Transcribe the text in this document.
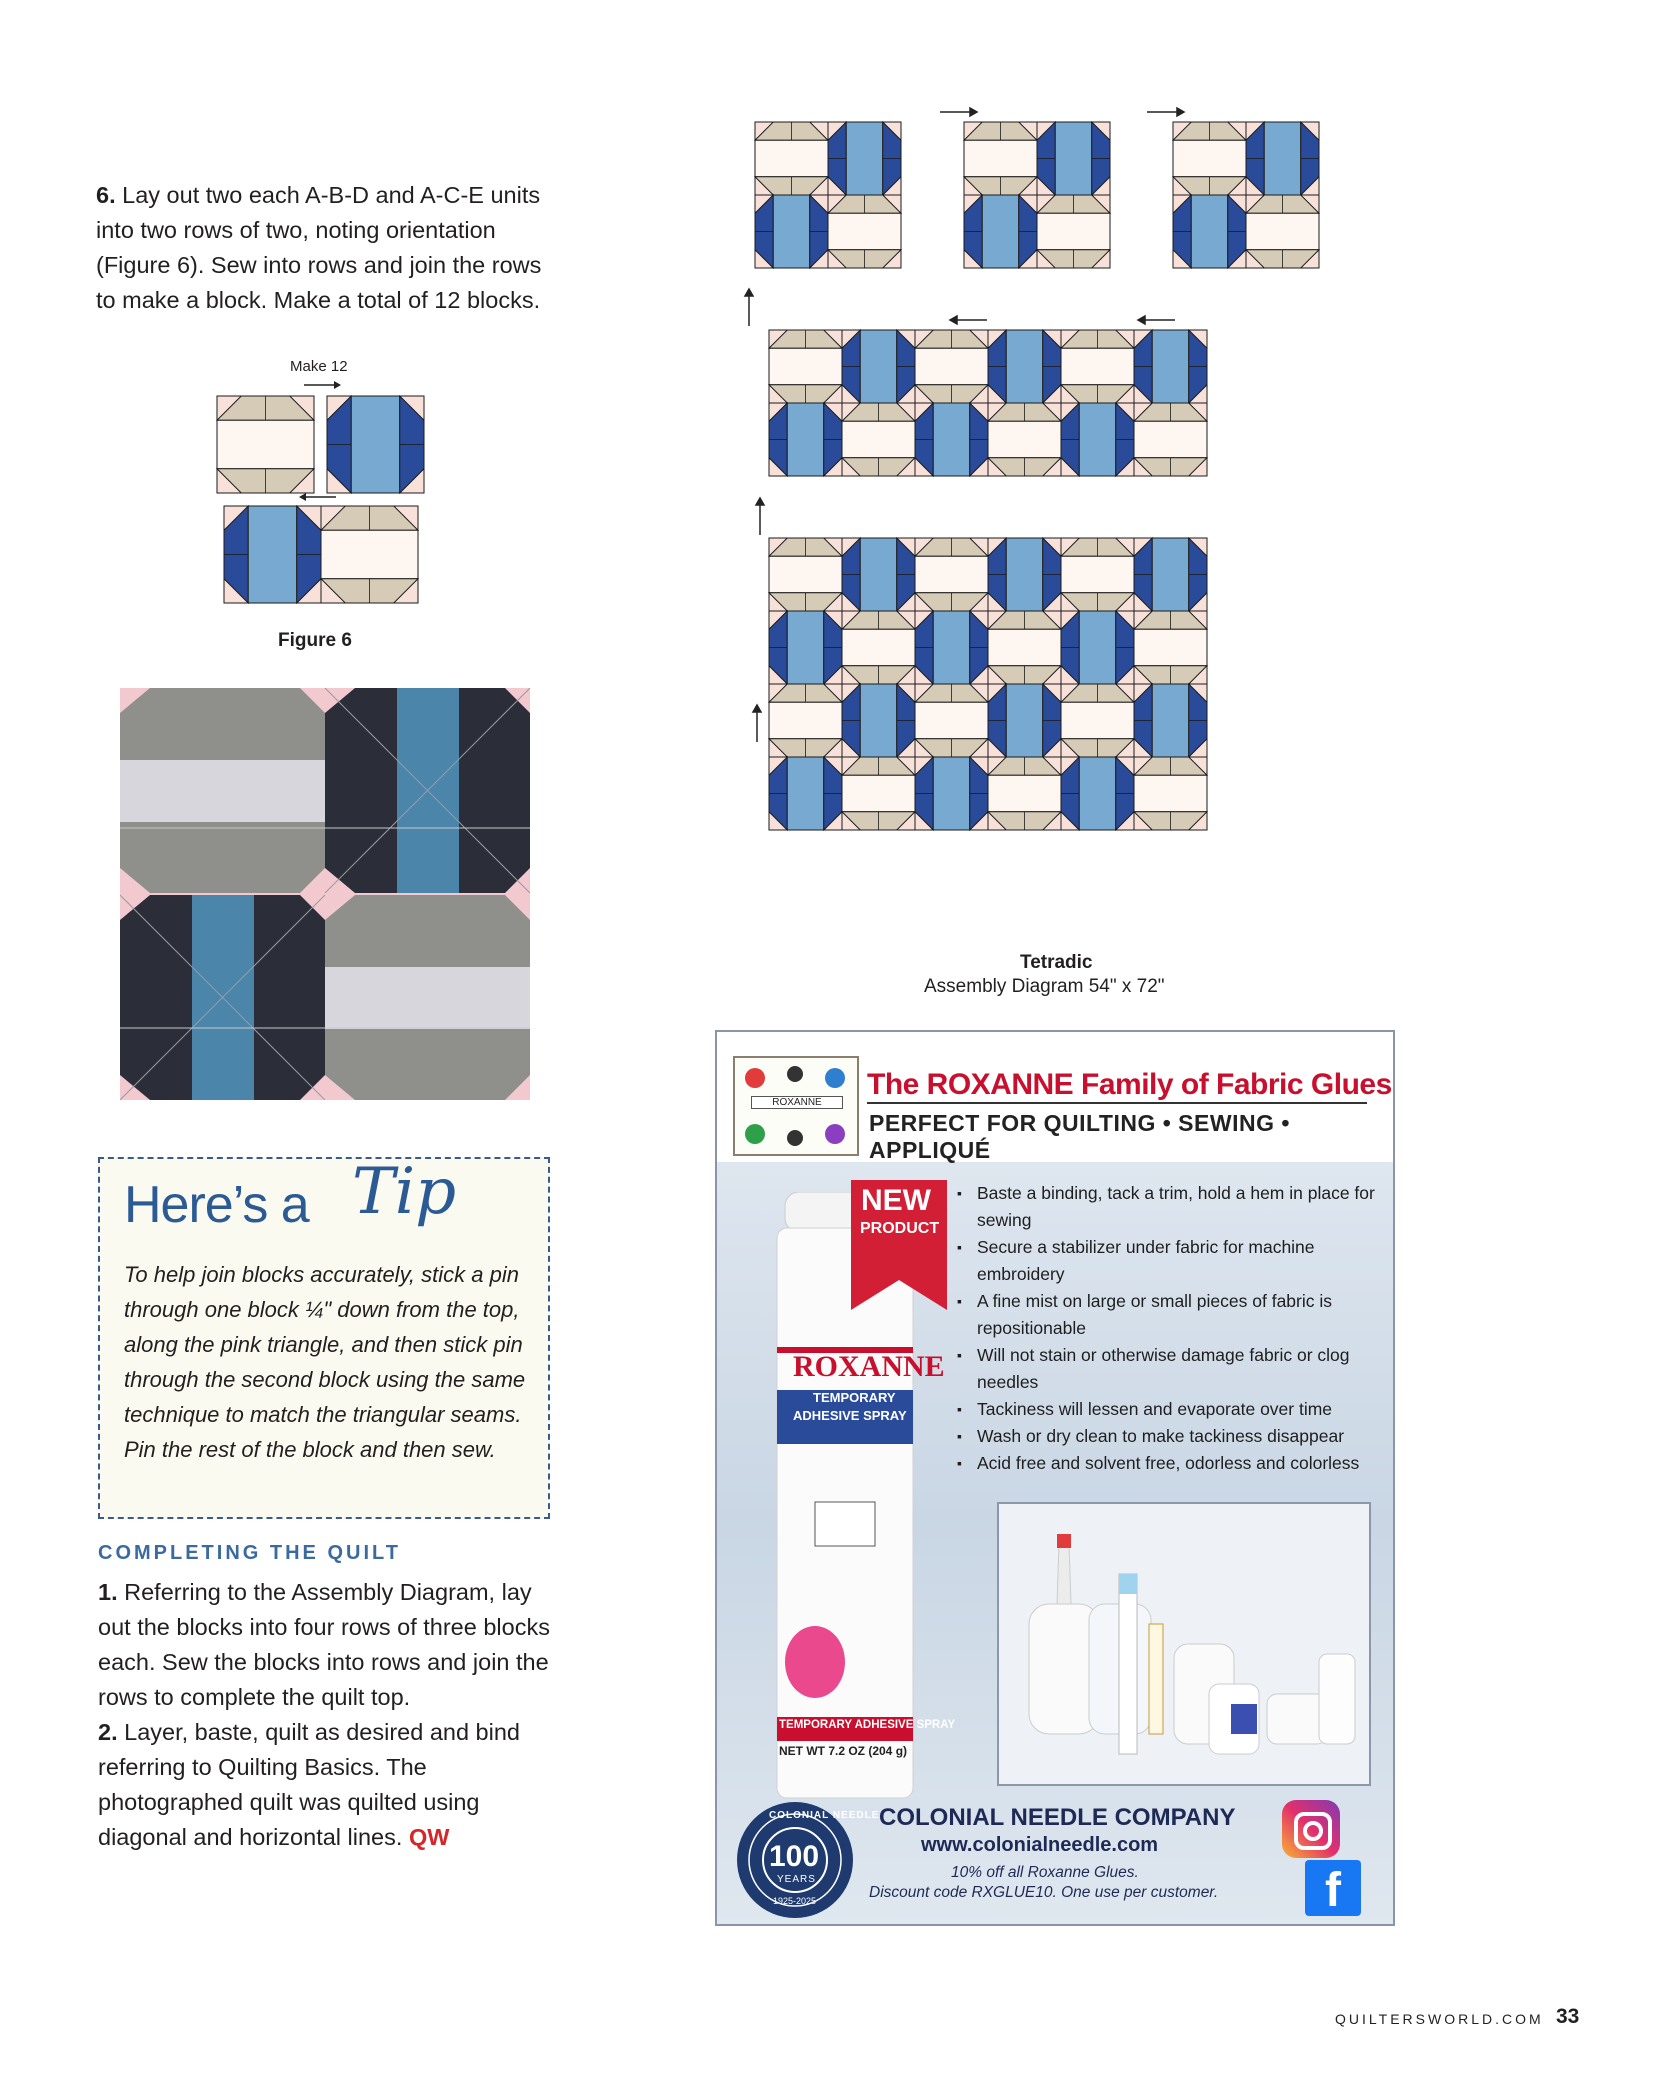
6. Lay out two each A-B-D and A-C-E units into two rows of two, noting orientation (Figure 6). Sew into rows and join the rows to make a block. Make a total of 12 blocks.
Make 12
Figure 6
Here’s a Tip
To help join blocks accurately, stick a pin through one block ¼" down from the top, along the pink triangle, and then stick pin through the second block using the same technique to match the triangular seams. Pin the rest of the block and then sew.
COMPLETING THE QUILT
1. Referring to the Assembly Diagram, lay out the blocks into four rows of three blocks each. Sew the blocks into rows and join the rows to complete the quilt top.
2. Layer, baste, quilt as desired and bind referring to Quilting Basics. The photographed quilt was quilted using diagonal and horizontal lines. QW
Tetradic
Assembly Diagram 54" x 72"
ROXANNE
The ROXANNE Family of Fabric Glues
PERFECT FOR QUILTING • SEWING • APPLIQUÉ
ROXANNE
TEMPORARY
ADHESIVE SPRAY
TEMPORARY ADHESIVE SPRAY
NET WT 7.2 OZ (204 g)
NEW
PRODUCT
▪ Baste a binding, tack a trim, hold a hem in place for sewing
▪ Secure a stabilizer under fabric for machine embroidery
▪ A fine mist on large or small pieces of fabric is repositionable
▪ Will not stain or otherwise damage fabric or clog needles
▪ Tackiness will lessen and evaporate over time
▪ Wash or dry clean to make tackiness disappear
▪ Acid free and solvent free, odorless and colorless
COLONIAL NEEDLE
100
YEARS
1925-2025
COLONIAL NEEDLE COMPANY
www.colonialneedle.com
10% off all Roxanne Glues.
Discount code RXGLUE10. One use per customer.	f
QUILTERSWORLD.COM 33
